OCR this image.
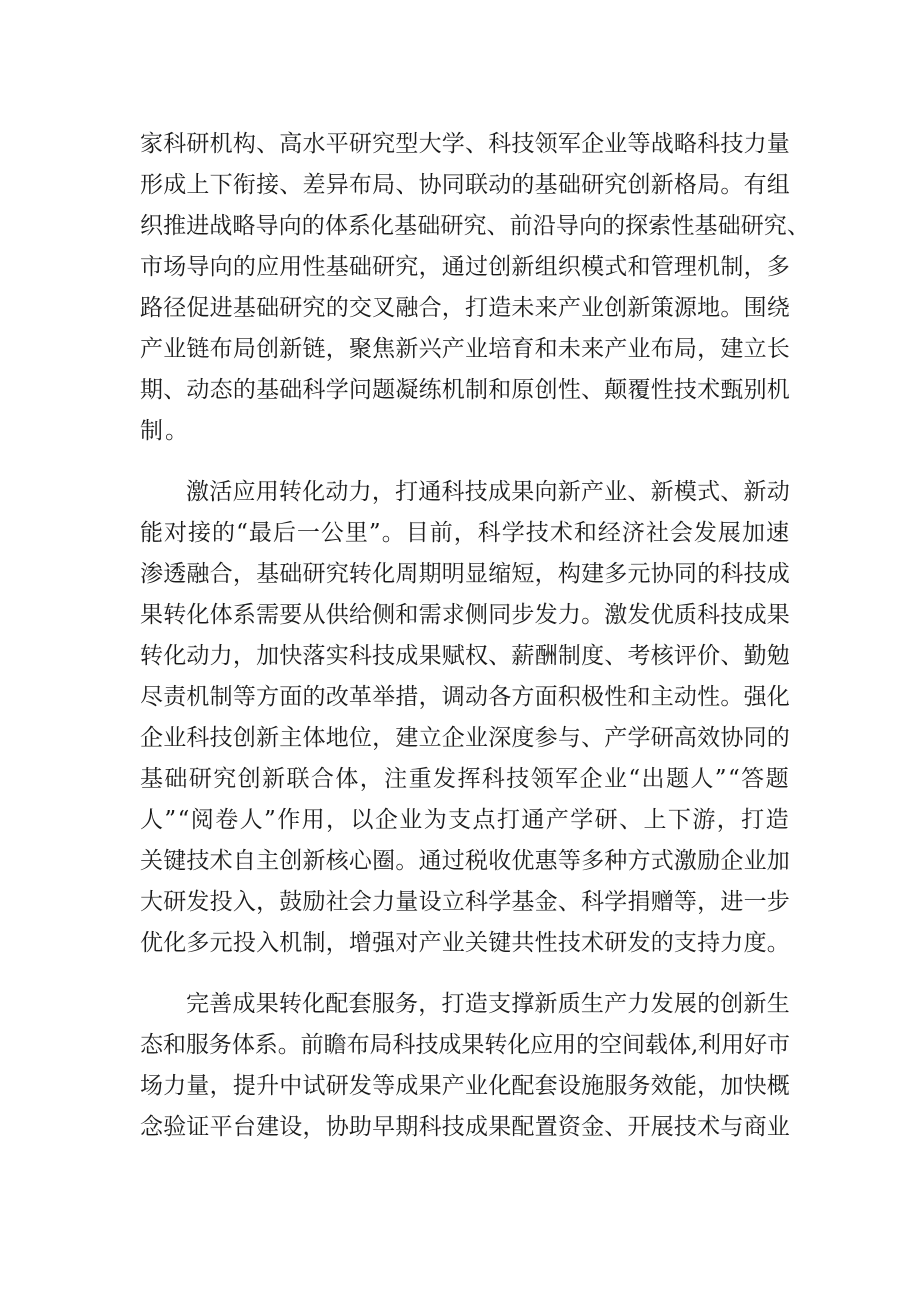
家科研机构、高水平研究型大学、科技领军企业等战略科技力量
形成上下衔接、差异布局、协同联动的基础研究创新格局。有组
织推进战略导向的体系化基础研究、前沿导向的探索性基础研究、
市场导向的应用性基础研究，通过创新组织模式和管理机制，多
路径促进基础研究的交叉融合，打造未来产业创新策源地。围绕
产业链布局创新链，聚焦新兴产业培育和未来产业布局，建立长
期、动态的基础科学问题凝练机制和原创性、颠覆性技术甄别机
制。
激活应用转化动力，打通科技成果向新产业、新模式、新动
能对接的“最后一公里”。目前，科学技术和经济社会发展加速
渗透融合，基础研究转化周期明显缩短，构建多元协同的科技成
果转化体系需要从供给侧和需求侧同步发力。激发优质科技成果
转化动力，加快落实科技成果赋权、薪酬制度、考核评价、勤勉
尽责机制等方面的改革举措，调动各方面积极性和主动性。强化
企业科技创新主体地位，建立企业深度参与、产学研高效协同的
基础研究创新联合体，注重发挥科技领军企业“出题人”“答题
人”“阅卷人”作用，以企业为支点打通产学研、上下游，打造
关键技术自主创新核心圈。通过税收优惠等多种方式激励企业加
大研发投入，鼓励社会力量设立科学基金、科学捐赠等，进一步
优化多元投入机制，增强对产业关键共性技术研发的支持力度。
完善成果转化配套服务，打造支撑新质生产力发展的创新生
态和服务体系。前瞻布局科技成果转化应用的空间载体,利用好市
场力量，提升中试研发等成果产业化配套设施服务效能，加快概
念验证平台建设，协助早期科技成果配置资金、开展技术与商业
